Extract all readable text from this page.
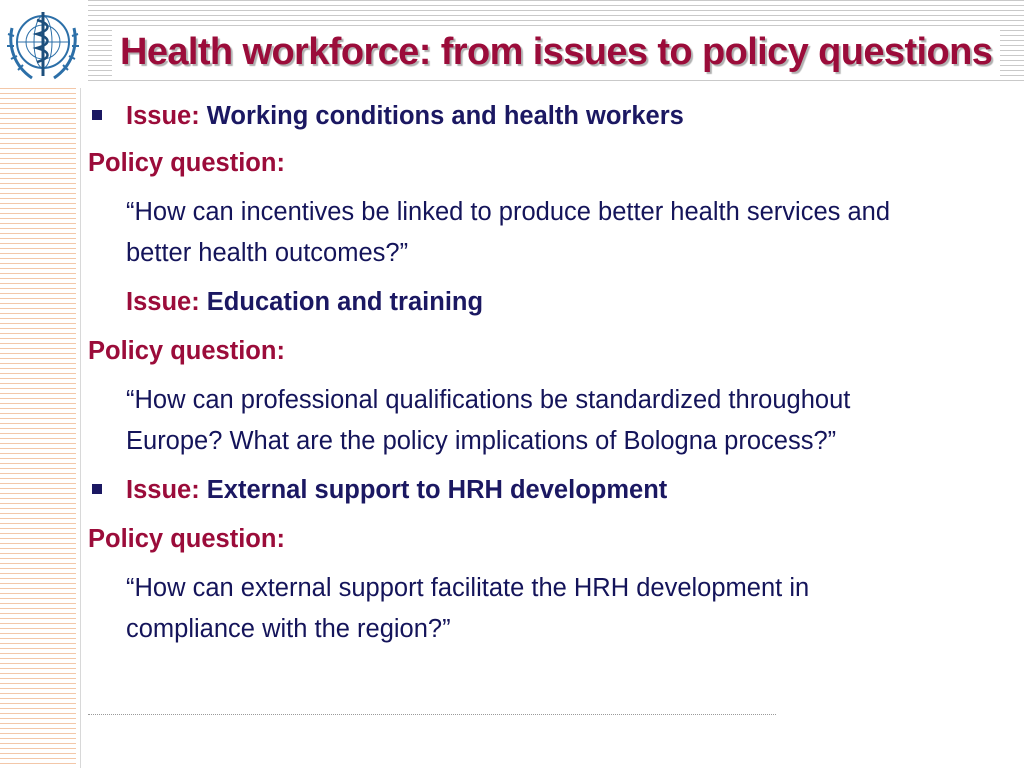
Health workforce: from issues to policy questions
Issue: Working conditions and health workers
Policy question:
“How can incentives be linked to produce better health services and
better health outcomes?”
Issue: Education and training
Policy question:
“How can professional qualifications be standardized throughout
Europe? What are the policy implications of Bologna process?”
Issue: External support to HRH development
Policy question:
“How can external support facilitate the HRH development in
compliance with the region?”
